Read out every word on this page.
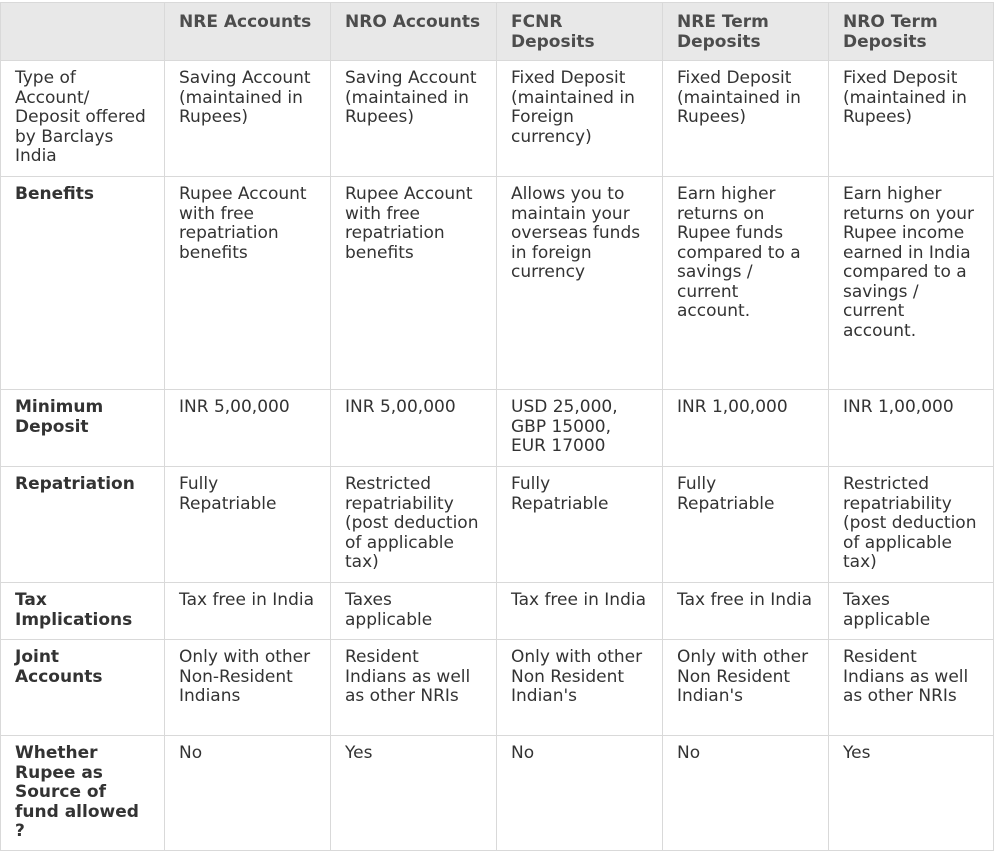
	NRE Accounts	NRO Accounts	FCNR Deposits	NRE Term Deposits	NRO Term Deposits
Type of Account/ Deposit offered by Barclays India	Saving Account (maintained in Rupees)	Saving Account (maintained in Rupees)	Fixed Deposit (maintained in Foreign currency)	Fixed Deposit (maintained in Rupees)	Fixed Deposit (maintained in Rupees)
Benefits	Rupee Account with free repatriation benefits	Rupee Account with free repatriation benefits	Allows you to maintain your overseas funds in foreign currency	Earn higher returns on Rupee funds compared to a savings / current account.	Earn higher returns on your Rupee income earned in India compared to a savings / current account.
Minimum Deposit	INR 5,00,000	INR 5,00,000	USD 25,000, GBP 15000, EUR 17000	INR 1,00,000	INR 1,00,000
Repatriation	Fully Repatriable	Restricted repatriability (post deduction of applicable tax)	Fully Repatriable	Fully Repatriable	Restricted repatriability (post deduction of applicable tax)
Tax Implications	Tax free in India	Taxes applicable	Tax free in India	Tax free in India	Taxes applicable
Joint Accounts	Only with other Non-Resident Indians	Resident Indians as well as other NRIs	Only with other Non Resident Indian's	Only with other Non Resident Indian's	Resident Indians as well as other NRIs
Whether Rupee as Source of fund allowed ?	No	Yes	No	No	Yes
